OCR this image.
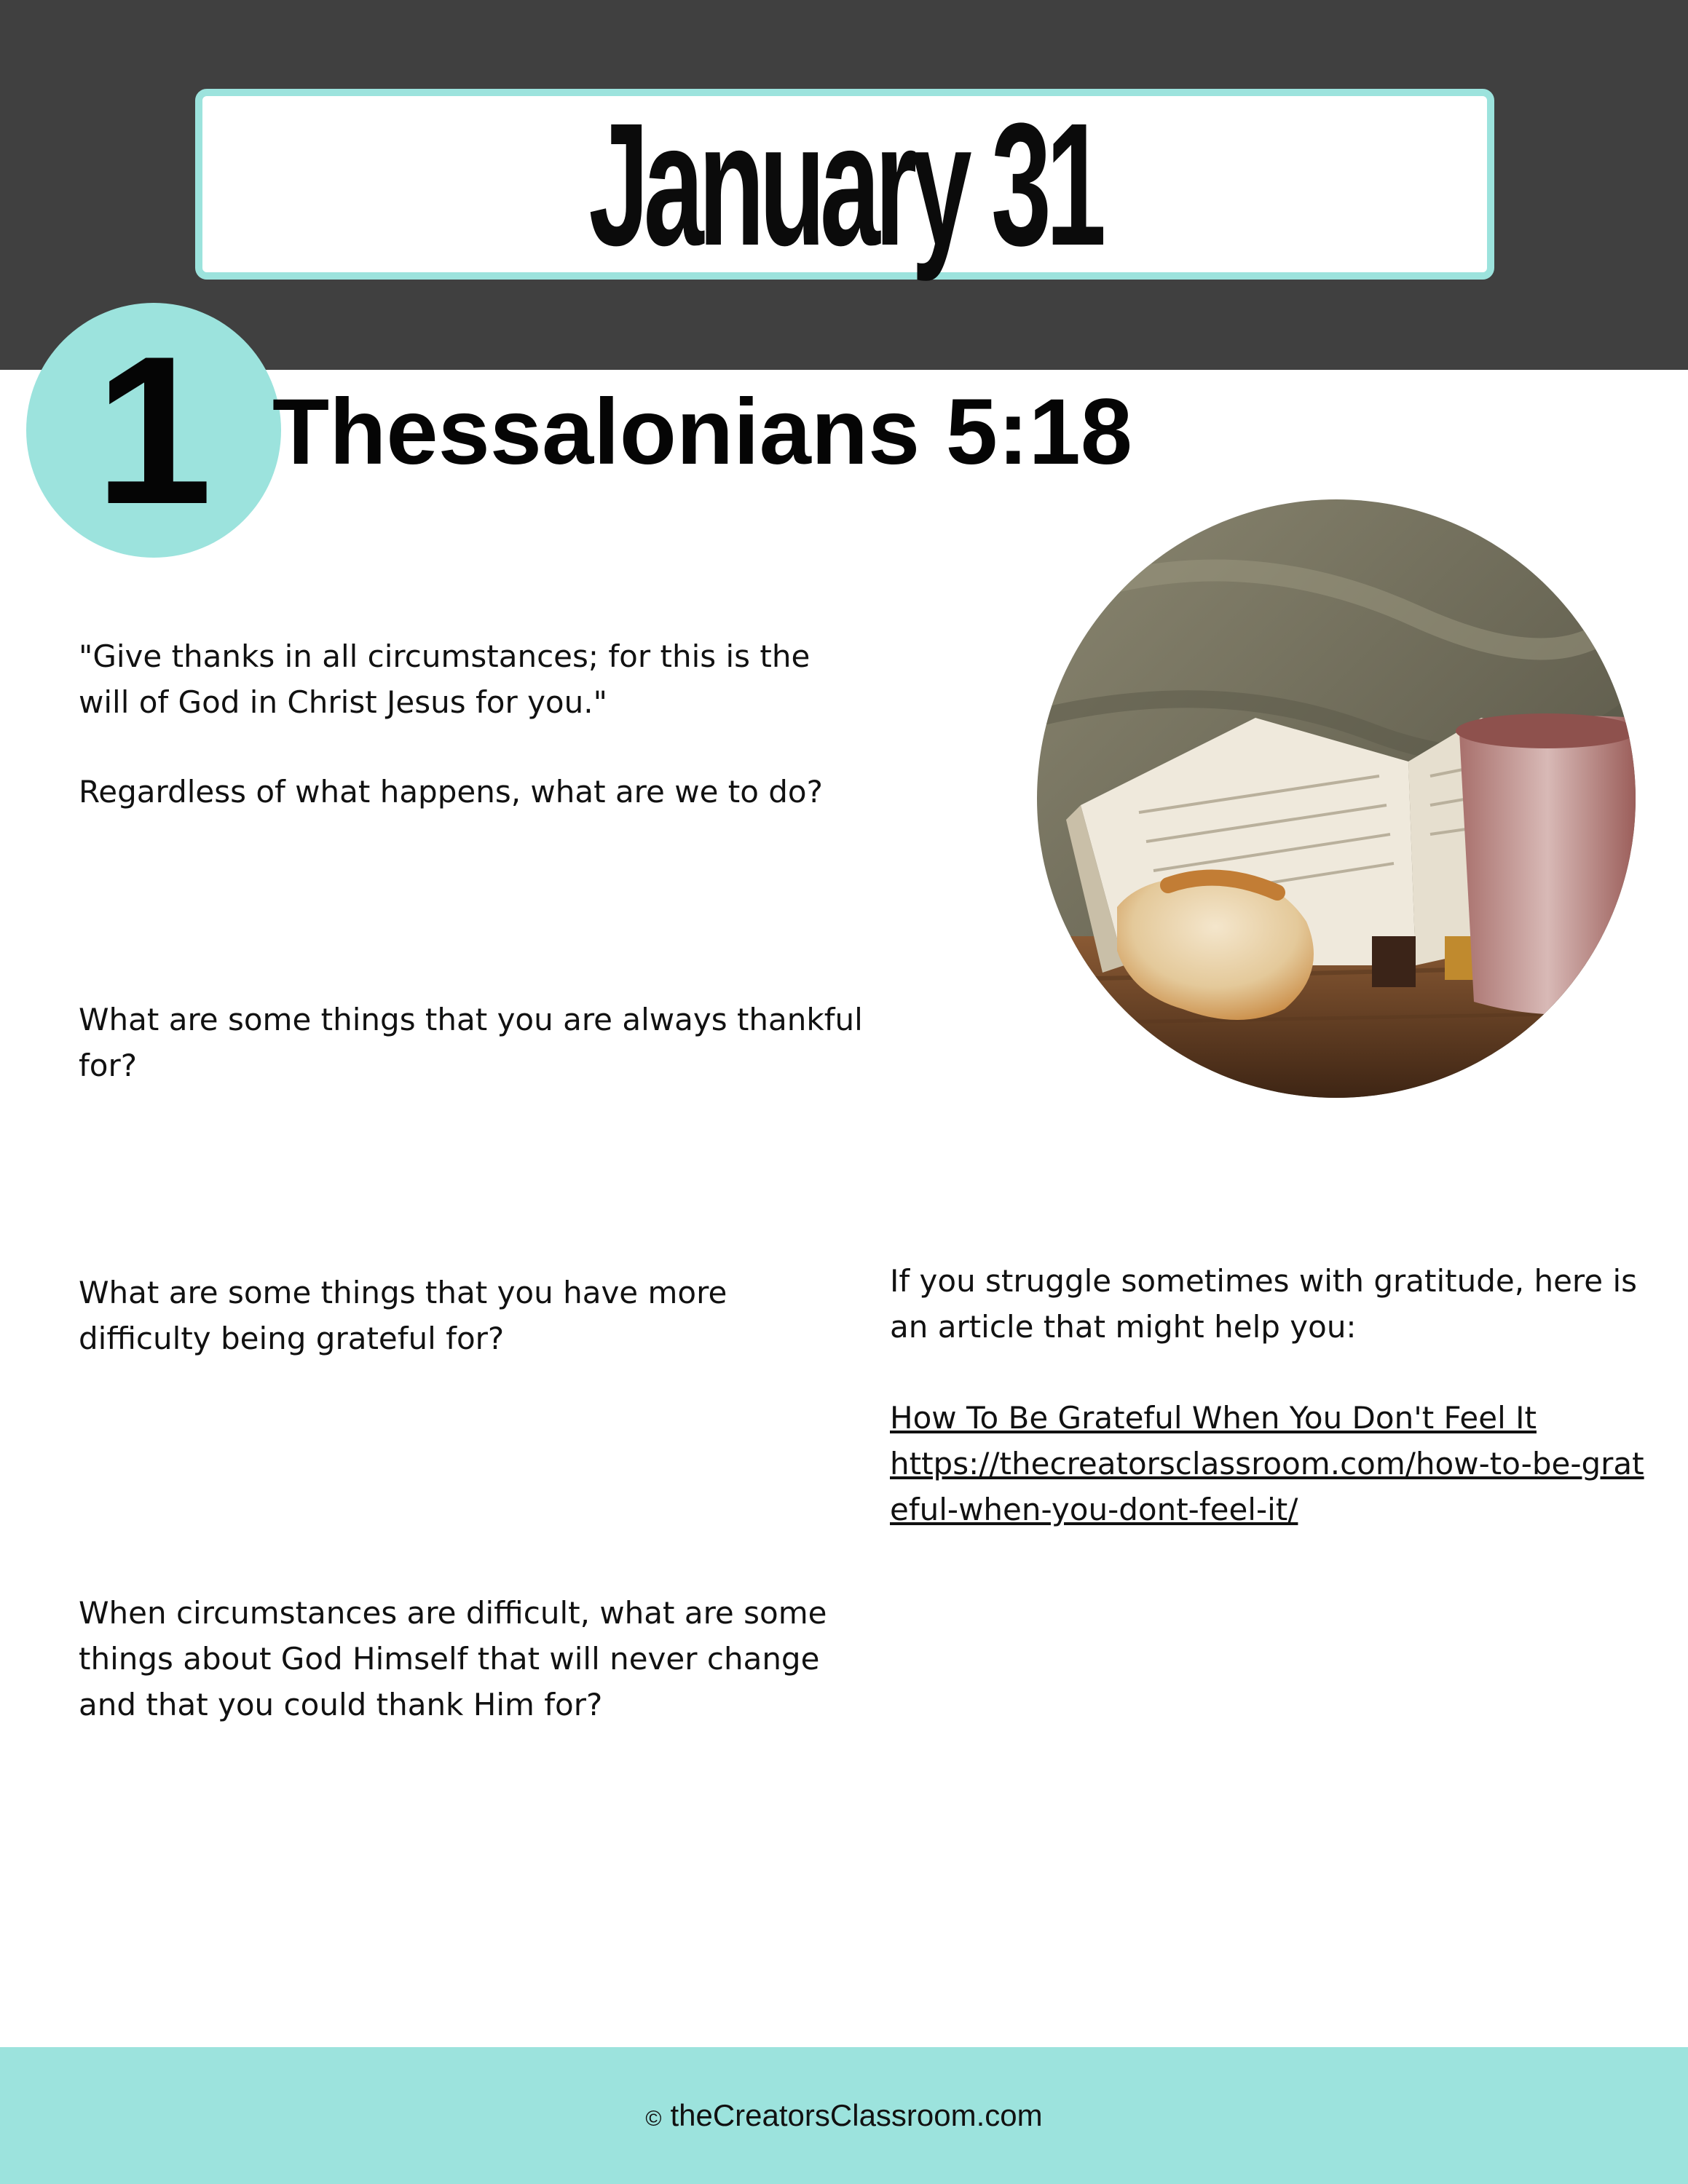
January 31
1 Thessalonians 5:18

"Give thanks in all circumstances; for this is the will of God in Christ Jesus for you."

Regardless of what happens, what are we to do?

What are some things that you are always thankful for?

What are some things that you have more difficulty being grateful for?

When circumstances are difficult, what are some things about God Himself that will never change and that you could thank Him for?

If you struggle sometimes with gratitude, here is an article that might help you:

How To Be Grateful When You Don't Feel It
https://thecreatorsclassroom.com/how-to-be-grateful-when-you-dont-feel-it/
© theCreatorsClassroom.com
